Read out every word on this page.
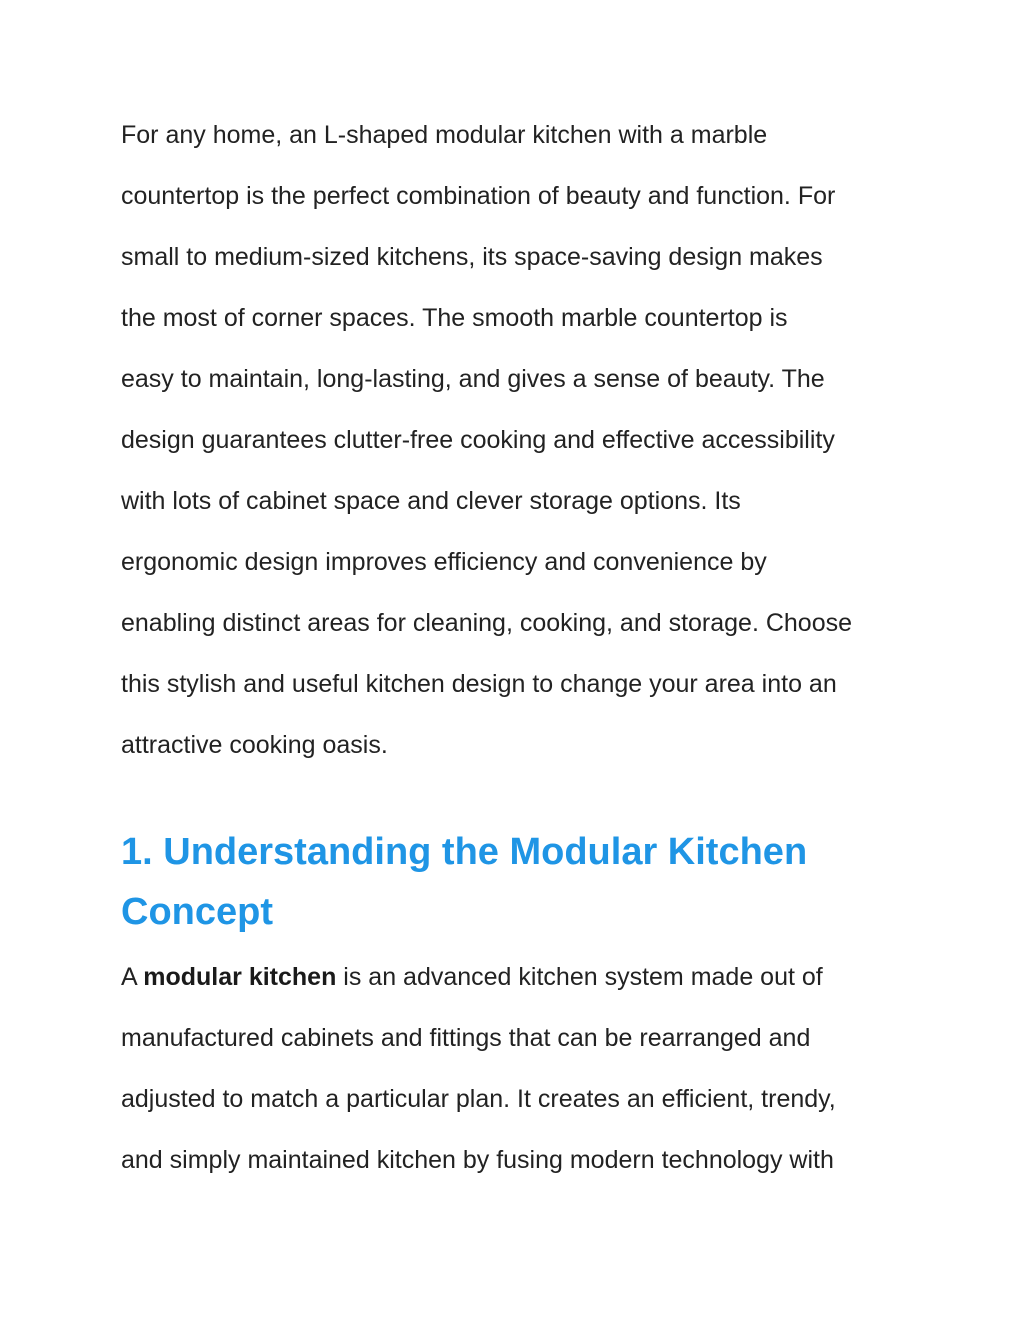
For any home, an L-shaped modular kitchen with a marble
countertop is the perfect combination of beauty and function. For
small to medium-sized kitchens, its space-saving design makes
the most of corner spaces. The smooth marble countertop is
easy to maintain, long-lasting, and gives a sense of beauty. The
design guarantees clutter-free cooking and effective accessibility
with lots of cabinet space and clever storage options. Its
ergonomic design improves efficiency and convenience by
enabling distinct areas for cleaning, cooking, and storage. Choose
this stylish and useful kitchen design to change your area into an
attractive cooking oasis.

1. Understanding the Modular Kitchen
Concept

A modular kitchen is an advanced kitchen system made out of
manufactured cabinets and fittings that can be rearranged and
adjusted to match a particular plan. It creates an efficient, trendy,
and simply maintained kitchen by fusing modern technology with
